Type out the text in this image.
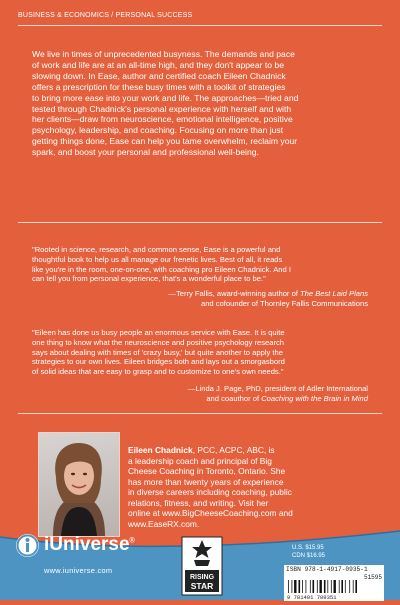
BUSINESS & ECONOMICS / PERSONAL SUCCESS
We live in times of unprecedented busyness. The demands and pace
of work and life are at an all-time high, and they don't appear to be
slowing down. In Ease, author and certified coach Eileen Chadnick
offers a prescription for these busy times with a toolkit of strategies
to bring more ease into your work and life. The approaches—tried and
tested through Chadnick's personal experience with herself and with
her clients—draw from neuroscience, emotional intelligence, positive
psychology, leadership, and coaching. Focusing on more than just
getting things done, Ease can help you tame overwhelm, reclaim your
spark, and boost your personal and professional well-being.
"Rooted in science, research, and common sense, Ease is a powerful and
thoughtful book to help us all manage our frenetic lives. Best of all, it reads
like you're in the room, one-on-one, with coaching pro Eileen Chadnick. And I
can tell you from personal experience, that's a wonderful place to be."
—Terry Fallis, award-winning author of The Best Laid Plans
and cofounder of Thornley Fallis Communications
"Eileen has done us busy people an enormous service with Ease. It is quite
one thing to know what the neuroscience and positive psychology research
says about dealing with times of 'crazy busy,' but quite another to apply the
strategies to our own lives. Eileen bridges both and lays out a smorgasbord
of solid ideas that are easy to grasp and to customize to one's own needs."
—Linda J. Page, PhD, president of Adler International
and coauthor of Coaching with the Brain in Mind
Eileen Chadnick, PCC, ACPC, ABC, is
a leadership coach and principal of Big
Cheese Coaching in Toronto, Ontario. She
has more than twenty years of experience
in diverse careers including coaching, public
relations, fitness, and writing. Visit her
online at www.BigCheeseCoaching.com and
www.EaseRX.com.
U.S. $15.95
CDN $16.95
iUniverse®
www.iuniverse.com
RISING
STAR
ISBN 978-1-4917-0935-1
51595
9 781491 709351
